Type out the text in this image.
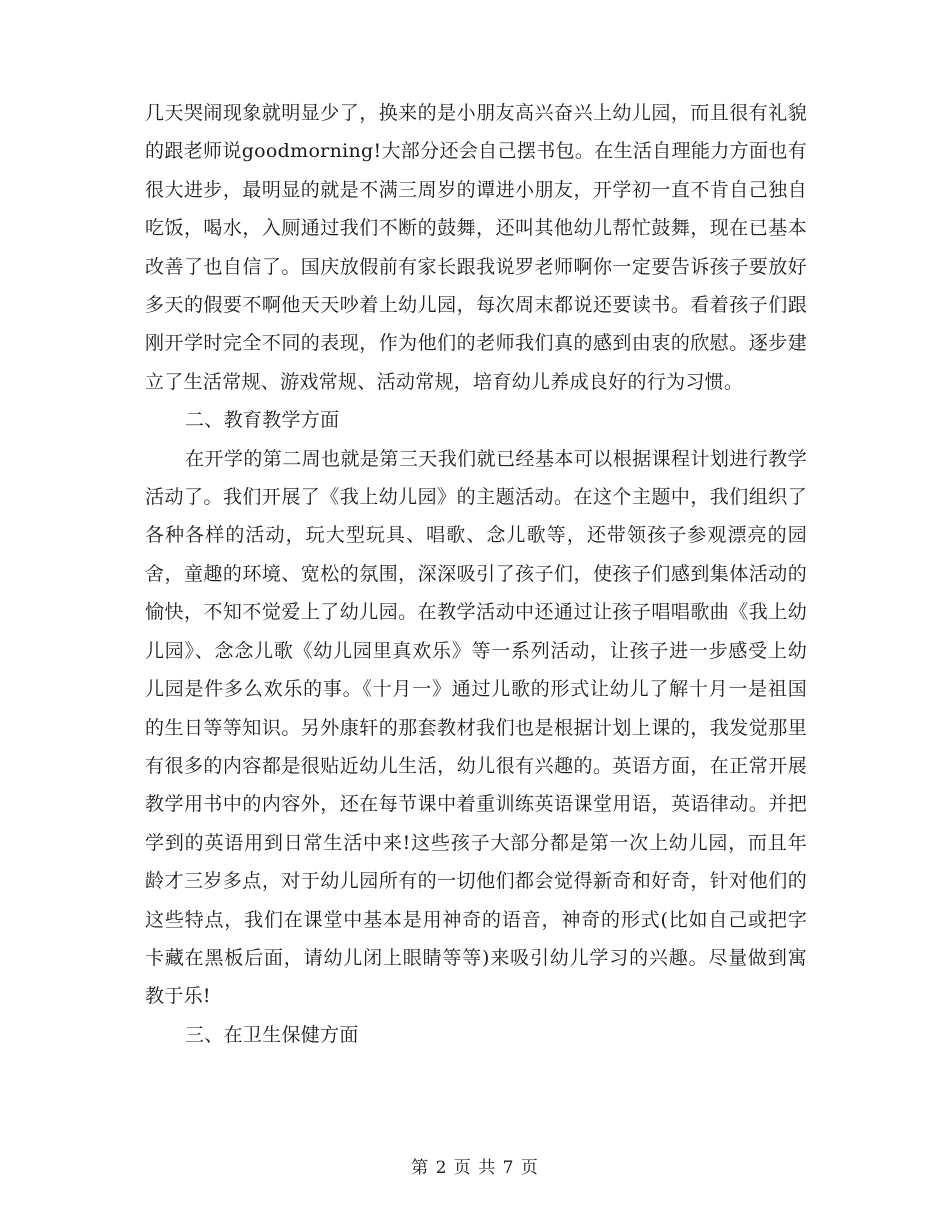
几天哭闹现象就明显少了，换来的是小朋友高兴奋兴上幼儿园，而且很有礼貌的跟老师说goodmorning!大部分还会自己摆书包。在生活自理能力方面也有很大进步，最明显的就是不满三周岁的谭进小朋友，开学初一直不肯自己独自吃饭，喝水，入厕通过我们不断的鼓舞，还叫其他幼儿帮忙鼓舞，现在已基本改善了也自信了。国庆放假前有家长跟我说罗老师啊你一定要告诉孩子要放好多天的假要不啊他天天吵着上幼儿园，每次周末都说还要读书。看着孩子们跟刚开学时完全不同的表现，作为他们的老师我们真的感到由衷的欣慰。逐步建立了生活常规、游戏常规、活动常规，培育幼儿养成良好的行为习惯。

二、教育教学方面

在开学的第二周也就是第三天我们就已经基本可以根据课程计划进行教学活动了。我们开展了《我上幼儿园》的主题活动。在这个主题中，我们组织了各种各样的活动，玩大型玩具、唱歌、念儿歌等，还带领孩子参观漂亮的园舍，童趣的环境、宽松的氛围，深深吸引了孩子们，使孩子们感到集体活动的愉快，不知不觉爱上了幼儿园。在教学活动中还通过让孩子唱唱歌曲《我上幼儿园》、念念儿歌《幼儿园里真欢乐》等一系列活动，让孩子进一步感受上幼儿园是件多么欢乐的事。《十月一》通过儿歌的形式让幼儿了解十月一是祖国的生日等等知识。另外康轩的那套教材我们也是根据计划上课的，我发觉那里有很多的内容都是很贴近幼儿生活，幼儿很有兴趣的。英语方面，在正常开展教学用书中的内容外，还在每节课中着重训练英语课堂用语，英语律动。并把学到的英语用到日常生活中来!这些孩子大部分都是第一次上幼儿园，而且年龄才三岁多点，对于幼儿园所有的一切他们都会觉得新奇和好奇，针对他们的这些特点，我们在课堂中基本是用神奇的语音，神奇的形式(比如自己或把字卡藏在黑板后面，请幼儿闭上眼睛等等)来吸引幼儿学习的兴趣。尽量做到寓教于乐!

三、在卫生保健方面

第 2 页 共 7 页
